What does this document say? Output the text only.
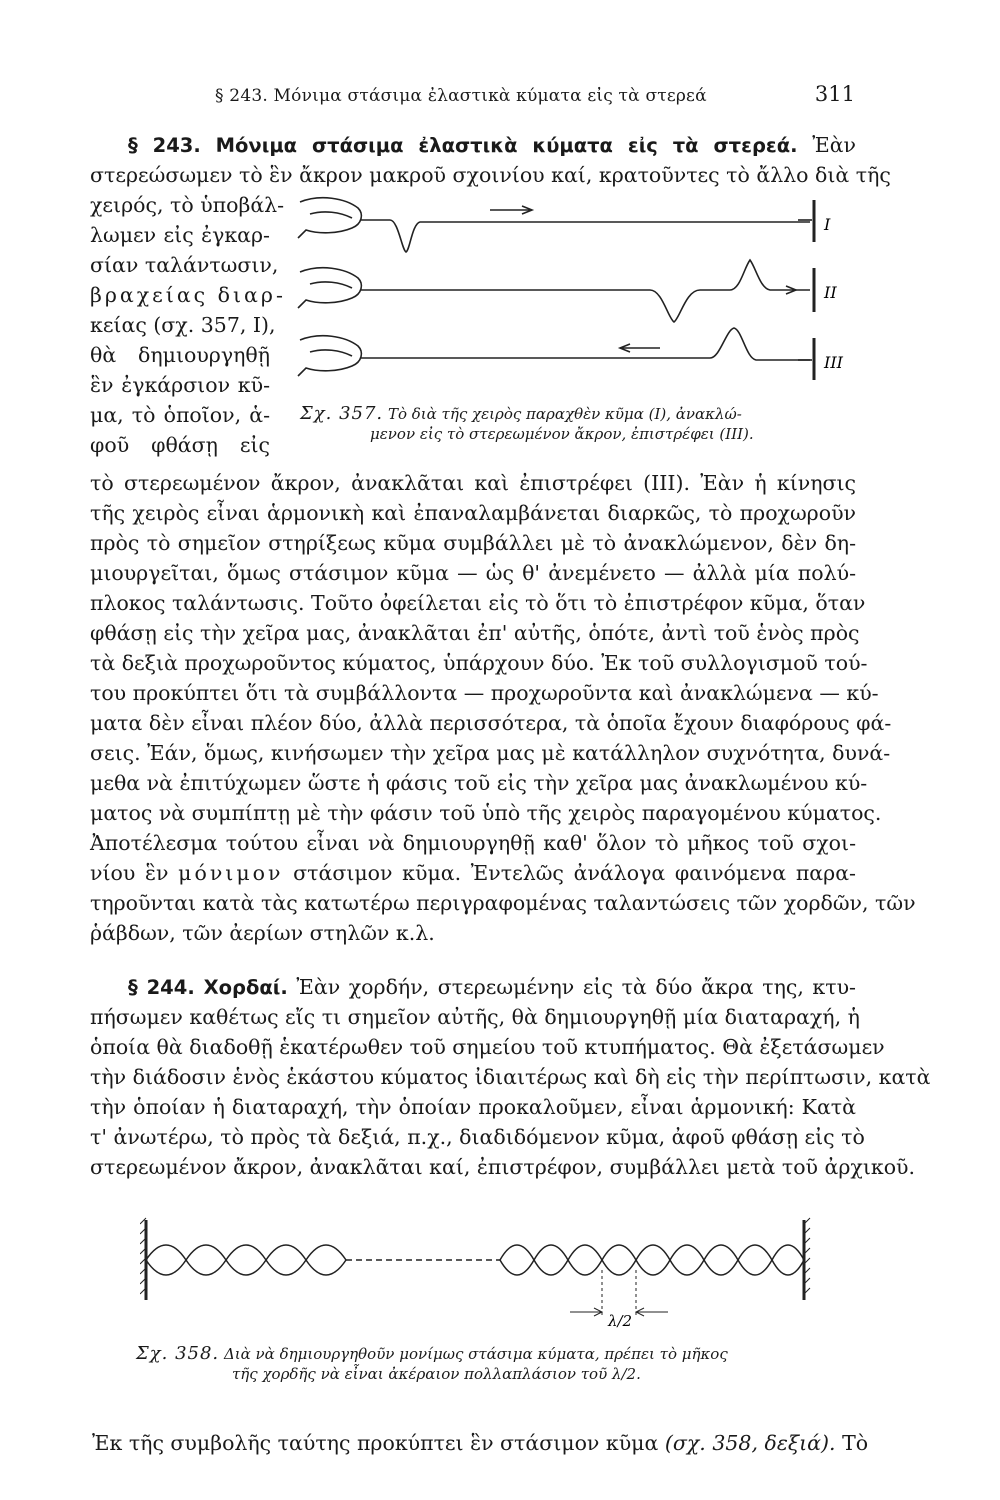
§ 243. Μόνιμα στάσιμα ἐλαστικὰ κύματα εἰς τὰ στερεά	311
§ 243. Μόνιμα στάσιμα ἐλαστικὰ κύματα εἰς τὰ στερεά. Ἐὰν
στερεώσωμεν τὸ ἓν ἄκρον μακροῦ σχοινίου καί, κρατοῦντες τὸ ἄλλο διὰ τῆς
χειρός, τὸ ὑποβάλ-
λωμεν εἰς ἐγκαρ-
σίαν ταλάντωσιν,
βραχείας διαρ-
κείας (σχ. 357, I),
θὰ δημιουργηθῇ
ἓν ἐγκάρσιον κῦ-
μα, τὸ ὁποῖον, ἁ-
φοῦ φθάσῃ εἰς
I
II
III
Σχ. 357. Τὸ διὰ τῆς χειρὸς παραχθὲν κῦμα (I), ἀνακλώ-
μενον εἰς τὸ στερεωμένον ἄκρον, ἐπιστρέφει (III).
τὸ στερεωμένον ἄκρον, ἀνακλᾶται καὶ ἐπιστρέφει (III). Ἐὰν ἡ κίνησις
τῆς χειρὸς εἶναι ἁρμονικὴ καὶ ἐπαναλαμβάνεται διαρκῶς, τὸ προχωροῦν
πρὸς τὸ σημεῖον στηρίξεως κῦμα συμβάλλει μὲ τὸ ἀνακλώμενον, δὲν δη-
μιουργεῖται, ὅμως στάσιμον κῦμα — ὡς θ' ἀνεμένετο — ἀλλὰ μία πολύ-
πλοκος ταλάντωσις. Τοῦτο ὀφείλεται εἰς τὸ ὅτι τὸ ἐπιστρέφον κῦμα, ὅταν
φθάσῃ εἰς τὴν χεῖρα μας, ἀνακλᾶται ἐπ' αὐτῆς, ὁπότε, ἀντὶ τοῦ ἑνὸς πρὸς
τὰ δεξιὰ προχωροῦντος κύματος, ὑπάρχουν δύο. Ἐκ τοῦ συλλογισμοῦ τού-
του προκύπτει ὅτι τὰ συμβάλλοντα — προχωροῦντα καὶ ἀνακλώμενα — κύ-
ματα δὲν εἶναι πλέον δύο, ἀλλὰ περισσότερα, τὰ ὁποῖα ἔχουν διαφόρους φά-
σεις. Ἐάν, ὅμως, κινήσωμεν τὴν χεῖρα μας μὲ κατάλληλον συχνότητα, δυνά-
μεθα νὰ ἐπιτύχωμεν ὥστε ἡ φάσις τοῦ εἰς τὴν χεῖρα μας ἀνακλωμένου κύ-
ματος νὰ συμπίπτῃ μὲ τὴν φάσιν τοῦ ὑπὸ τῆς χειρὸς παραγομένου κύματος.
Ἀποτέλεσμα τούτου εἶναι νὰ δημιουργηθῇ καθ' ὅλον τὸ μῆκος τοῦ σχοι-
νίου ἓν μόνιμον στάσιμον κῦμα. Ἐντελῶς ἀνάλογα φαινόμενα παρα-
τηροῦνται κατὰ τὰς κατωτέρω περιγραφομένας ταλαντώσεις τῶν χορδῶν, τῶν
ῥάβδων, τῶν ἀερίων στηλῶν κ.λ.
§ 244. Χορδαί. Ἐὰν χορδήν, στερεωμένην εἰς τὰ δύο ἄκρα της, κτυ-
πήσωμεν καθέτως εἴς τι σημεῖον αὐτῆς, θὰ δημιουργηθῇ μία διαταραχή, ἡ
ὁποία θὰ διαδοθῇ ἑκατέρωθεν τοῦ σημείου τοῦ κτυπήματος. Θὰ ἐξετάσωμεν
τὴν διάδοσιν ἑνὸς ἑκάστου κύματος ἰδιαιτέρως καὶ δὴ εἰς τὴν περίπτωσιν, κατὰ
τὴν ὁποίαν ἡ διαταραχή, τὴν ὁποίαν προκαλοῦμεν, εἶναι ἁρμονική: Κατὰ
τ' ἀνωτέρω, τὸ πρὸς τὰ δεξιά, π.χ., διαδιδόμενον κῦμα, ἀφοῦ φθάσῃ εἰς τὸ
στερεωμένον ἄκρον, ἀνακλᾶται καί, ἐπιστρέφον, συμβάλλει μετὰ τοῦ ἀρχικοῦ.
λ/2
Σχ. 358. Διὰ νὰ δημιουργηθοῦν μονίμως στάσιμα κύματα, πρέπει τὸ μῆκος
τῆς χορδῆς νὰ εἶναι ἀκέραιον πολλαπλάσιον τοῦ λ/2.
Ἐκ τῆς συμβολῆς ταύτης προκύπτει ἓν στάσιμον κῦμα (σχ. 358, δεξιά). Τὸ
